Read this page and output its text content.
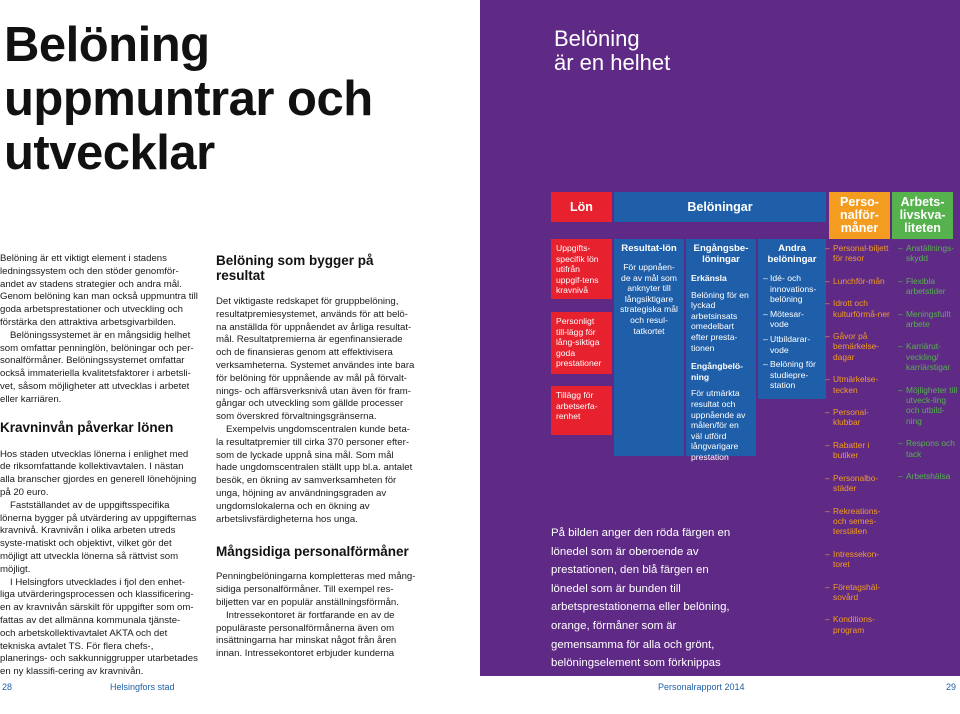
Belöning uppmuntrar och utvecklar

Belöning är ett viktigt element i stadens ledningssystem och den stöder genomför-andet av stadens strategier och andra mål. Genom belöning kan man också uppmuntra till goda arbetsprestationer och utveckling och förstärka den attraktiva arbetsgivarbilden.

Belöningssystemet är en mångsidig helhet som omfattar penninglön, belöningar och per-sonalförmåner. Belöningssystemet omfattar också immateriella kvalitetsfaktorer i arbetsli-vet, såsom möjligheter att utvecklas i arbetet eller karriären.

Kravninvån påverkar lönen

Hos staden utvecklas lönerna i enlighet med de riksomfattande kollektivavtalen. I nästan alla branscher gjordes en generell lönehöjning på 20 euro.

Fastställandet av de uppgiftsspecifika lönerna bygger på utvärdering av uppgifternas kravnivå. Kravnivån i olika arbeten utreds syste-matiskt och objektivt, vilket gör det möjligt att utveckla lönerna så rättvist som möjligt.

I Helsingfors utvecklades i fjol den enhet-liga utvärderingsprocessen och klassificering-en av kravnivån särskilt för uppgifter som om-fattas av det allmänna kommunala tjänste- och arbetskollektivavtalet AKTA och det tekniska avtalet TS. För flera chefs-, planerings- och sakkunniggrupper utarbetades en ny klassifi-cering av kravnivån.

Belöning som bygger på resultat

Det viktigaste redskapet för gruppbelöning, resultatpremiesystemet, används för att belö-na anställda för uppnåendet av årliga resultat-mål. Resultatpremierna är egenfinansierade och de finansieras genom att effektivisera verksamheterna. Systemet användes inte bara för belöning för uppnående av mål på förvalt-nings- och affärsverksnivå utan även för fram-gångar och utveckling som gällde processer som överskred förvaltningsgränserna.

Exempelvis ungdomscentralen kunde beta-la resultatpremier till cirka 370 personer efter-som de lyckade uppnå sina mål. Som mål hade ungdomscentralen ställt upp bl.a. antalet besök, en ökning av samverksamheten för unga, höjning av användningsgraden av ungdomslokalerna och en ökning av arbetslivsfärdigheterna hos unga.

Mångsidiga personalförmåner

Penningbelöningarna kompletteras med mång-sidiga personalförmåner. Till exempel res-biljetten var en populär anställningsförmån.

Intressekontoret är fortfarande en av de populäraste personalförmånerna även om insättningarna har minskat något från åren innan. Intressekontoret erbjuder kunderna

Belöning
är en helhet
Lön	Belöningar	Perso-nalför-måner
Arbets-livskva-liteten
Uppgifts-specifik lön utifrån uppgif-tens kravnivå
Personligt till-lägg för lång-siktiga goda prestationer
Tillägg för arbetserfa-renhet
Resultat-lön
För uppnåen-de av mål som anknyter till långsiktigare strategiska mål och resul-tatkortet
Engångsbe-löningar
Erkänsla
Belöning för en lyckad arbetsinsats omedelbart efter presta-tionen
Engångbelö-ning
För utmärkta resultat och uppnående av målen/för en väl utförd långvarigare prestation
Andra belöningar
– Idé- och innovations-belöning
– Mötesar-vode
– Utbildarar-vode
– Belöning för studiepre-station
– Personal-biljett för resor
– Lunchför-mån
– Idrott och kulturförmå-ner
– Gåvor på bemärkelse-dagar
– Utmärkelse-tecken
– Personal-klubbar
– Rabatter i butiker
– Personalbo-städer
– Rekreations-och semes-terställen
– Intressekon-toret
– Företagshäl-sovård
– Konditions-program
– Anställnings-skydd
– Flexibla arbetstider
– Meningsfullt arbete
– Karriärut-veckling/ karriärstigar
– Möjligheter till utveck-ling och utbild-ning
– Respons och tack
– Arbetshälsa
På bilden anger den röda färgen en lönedel som är oberoende av prestationen, den blå färgen en lönedel som är bunden till arbetsprestationerna eller belöning, orange, förmåner som är gemensamma för alla och grönt, belöningselement som förknippas med arbetslivskvaliteten.
28	Helsingfors stad	Personalrapport 2014	29
